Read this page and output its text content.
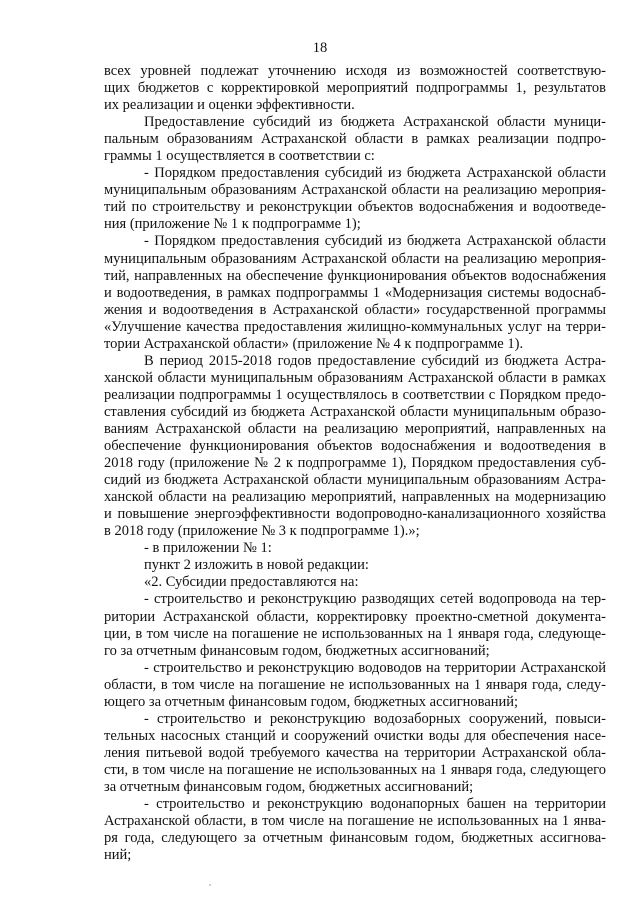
18
всех уровней подлежат уточнению исходя из возможностей соответствую-
щих бюджетов с корректировкой мероприятий подпрограммы 1, результатов
их реализации и оценки эффективности.
Предоставление субсидий из бюджета Астраханской области муници-
пальным образованиям Астраханской области в рамках реализации подпро-
граммы 1 осуществляется в соответствии с:
- Порядком предоставления субсидий из бюджета Астраханской области
муниципальным образованиям Астраханской области на реализацию мероприя-
тий по строительству и реконструкции объектов водоснабжения и водоотведе-
ния (приложение № 1 к подпрограмме 1);
- Порядком предоставления субсидий из бюджета Астраханской области
муниципальным образованиям Астраханской области на реализацию мероприя-
тий, направленных на обеспечение функционирования объектов водоснабжения
и водоотведения, в рамках подпрограммы 1 «Модернизация системы водоснаб-
жения и водоотведения в Астраханской области» государственной программы
«Улучшение качества предоставления жилищно-коммунальных услуг на терри-
тории Астраханской области» (приложение № 4 к подпрограмме 1).
В период 2015-2018 годов предоставление субсидий из бюджета Астра-
ханской области муниципальным образованиям Астраханской области в рамках
реализации подпрограммы 1 осуществлялось в соответствии с Порядком предо-
ставления субсидий из бюджета Астраханской области муниципальным образо-
ваниям Астраханской области на реализацию мероприятий, направленных на
обеспечение функционирования объектов водоснабжения и водоотведения в
2018 году (приложение № 2 к подпрограмме 1), Порядком предоставления суб-
сидий из бюджета Астраханской области муниципальным образованиям Астра-
ханской области на реализацию мероприятий, направленных на модернизацию
и повышение энергоэффективности водопроводно-канализационного хозяйства
в 2018 году (приложение № 3 к подпрограмме 1).»;
- в приложении № 1:
пункт 2 изложить в новой редакции:
«2. Субсидии предоставляются на:
- строительство и реконструкцию разводящих сетей водопровода на тер-
ритории Астраханской области, корректировку проектно-сметной документа-
ции, в том числе на погашение не использованных на 1 января года, следующе-
го за отчетным финансовым годом, бюджетных ассигнований;
- строительство и реконструкцию водоводов на территории Астраханской
области, в том числе на погашение не использованных на 1 января года, следу-
ющего за отчетным финансовым годом, бюджетных ассигнований;
- строительство и реконструкцию водозаборных сооружений, повыси-
тельных насосных станций и сооружений очистки воды для обеспечения насе-
ления питьевой водой требуемого качества на территории Астраханской обла-
сти, в том числе на погашение не использованных на 1 января года, следующего
за отчетным финансовым годом, бюджетных ассигнований;
- строительство и реконструкцию водонапорных башен на территории
Астраханской области, в том числе на погашение не использованных на 1 янва-
ря года, следующего за отчетным финансовым годом, бюджетных ассигнова-
ний;
